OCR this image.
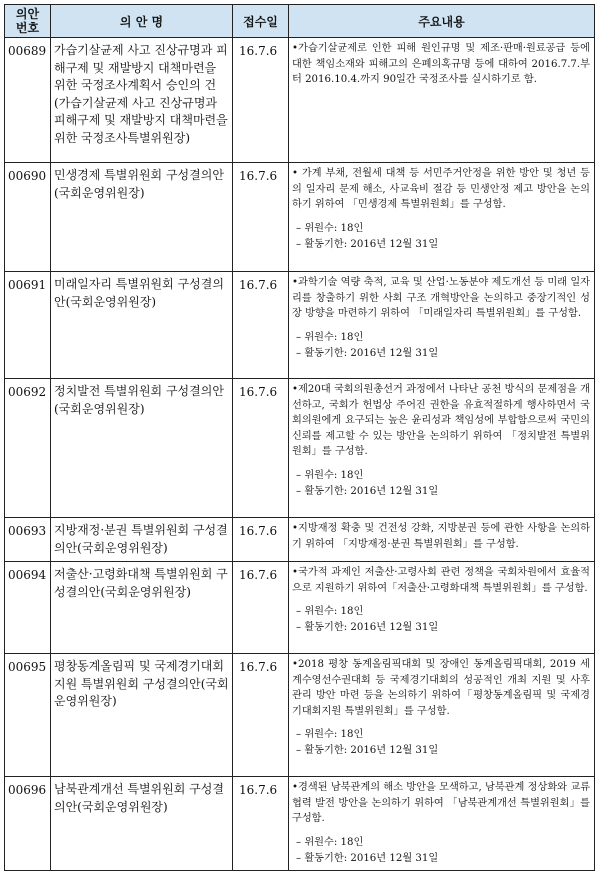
의안
번호	의 안 명	접수일	주요내용
00689	가습기살균제 사고 진상규명과 피해구제 및 재발방지 대책마련을 위한 국정조사계획서 승인의 건(가습기살균제 사고 진상규명과 피해구제 및 재발방지 대책마련을 위한 국정조사특별위원장)	16.7.6	•가습기살균제로 인한 피해 원인규명 및 제조·판매·원료공급 등에 대한 책임소재와 피해고의 은폐의혹규명 등에 대하여 2016.7.7.부터 2016.10.4.까지 90일간 국정조사를 실시하기로 함.

00690	민생경제 특별위원회 구성결의안(국회운영위원장)	16.7.6	• 가계 부채, 전월세 대책 등 서민주거안정을 위한 방안 및 청년 등의 일자리 문제 해소, 사교육비 절감 등 민생안정 제고 방안을 논의하기 위하여 「민생경제 특별위원회」를 구성함.

– 위원수: 18인
– 활동기한: 2016년 12월 31일

00691	미래일자리 특별위원회 구성결의안(국회운영위원장)	16.7.6	•과학기술 역량 축적, 교육 및 산업·노동분야 제도개선 등 미래 일자리를 창출하기 위한 사회 구조 개혁방안을 논의하고 중장기적인 성장 방향을 마련하기 위하여 「미래일자리 특별위원회」를 구성함.

– 위원수: 18인
– 활동기한: 2016년 12월 31일

00692	정치발전 특별위원회 구성결의안(국회운영위원장)	16.7.6	•제20대 국회의원총선거 과정에서 나타난 공천 방식의 문제점을 개선하고, 국회가 헌법상 주어진 권한을 유효적절하게 행사하면서 국회의원에게 요구되는 높은 윤리성과 책임성에 부합함으로써 국민의 신뢰를 제고할 수 있는 방안을 논의하기 위하여 「정치발전 특별위원회」를 구성함.

– 위원수: 18인
– 활동기한: 2016년 12월 31일

00693	지방재정·분권 특별위원회 구성결의안(국회운영위원장)	16.7.6	•지방재정 확충 및 건전성 강화, 지방분권 등에 관한 사항을 논의하기 위하여 「지방재정·분권 특별위원회」를 구성함.

00694	저출산·고령화대책 특별위원회 구성결의안(국회운영위원장)	16.7.6	•국가적 과제인 저출산·고령사회 관련 정책을 국회차원에서 효율적으로 지원하기 위하여「저출산·고령화대책 특별위원회」를 구성함.

– 위원수: 18인
– 활동기한: 2016년 12월 31일

00695	평창동계올림픽 및 국제경기대회지원 특별위원회 구성결의안(국회운영위원장)	16.7.6	•2018 평창 동계올림픽대회 및 장애인 동계올림픽대회, 2019 세계수영선수권대회 등 국제경기대회의 성공적인 개최 지원 및 사후관리 방안 마련 등을 논의하기 위하여「평창동계올림픽 및 국제경기대회지원 특별위원회」를 구성함.

– 위원수: 18인
– 활동기한: 2016년 12월 31일

00696	남북관계개선 특별위원회 구성결의안(국회운영위원장)	16.7.6	•경색된 남북관계의 해소 방안을 모색하고, 남북관계 정상화와 교류협력 발전 방안을 논의하기 위하여 「남북관계개선 특별위원회」를 구성함.

– 위원수: 18인
– 활동기한: 2016년 12월 31일
